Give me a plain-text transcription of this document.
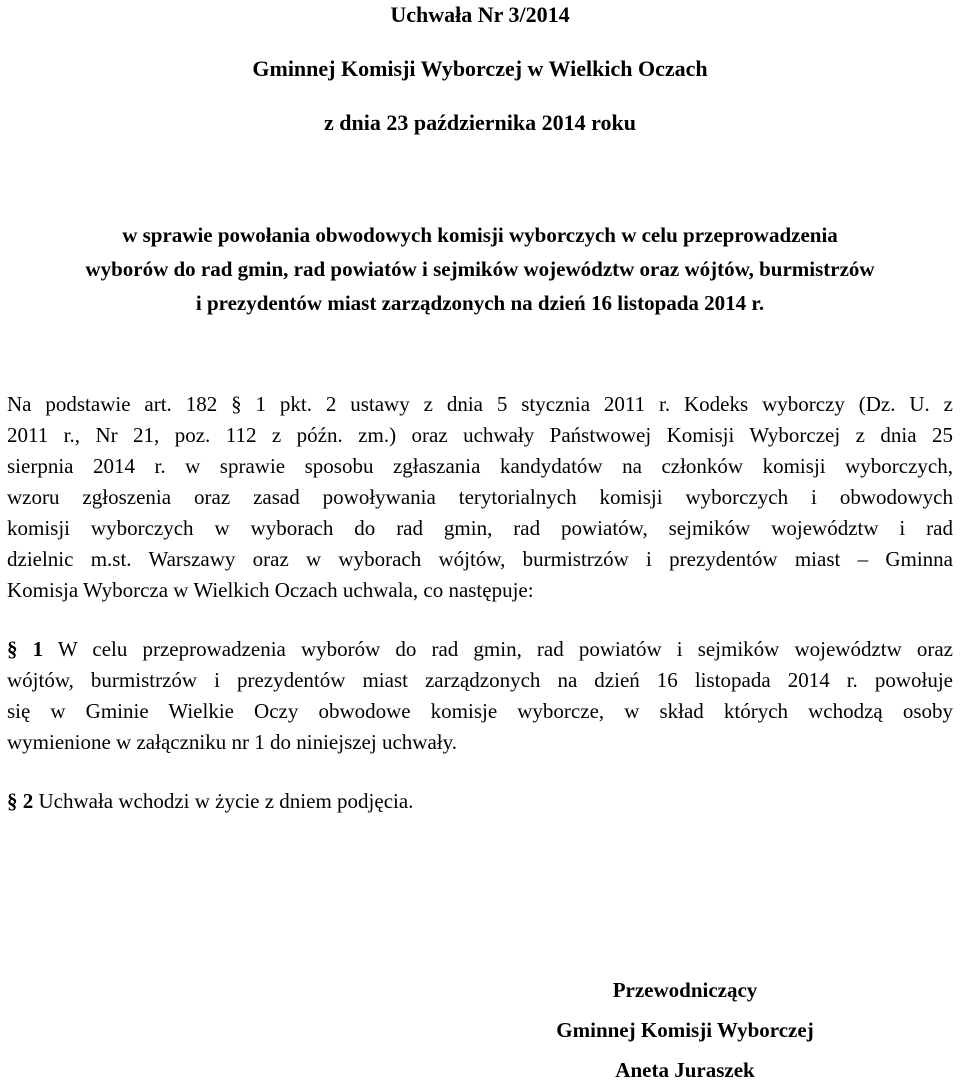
Uchwała Nr 3/2014
Gminnej Komisji Wyborczej w Wielkich Oczach
z dnia 23 października 2014 roku
w sprawie powołania obwodowych komisji wyborczych w celu przeprowadzenia
wyborów do rad gmin, rad powiatów i sejmików województw oraz wójtów, burmistrzów
i prezydentów miast zarządzonych na dzień 16 listopada 2014 r.
Na podstawie art. 182 § 1 pkt. 2 ustawy z dnia 5 stycznia 2011 r. Kodeks wyborczy (Dz. U. z
2011 r., Nr 21, poz. 112 z późn. zm.) oraz uchwały Państwowej Komisji Wyborczej z dnia 25
sierpnia 2014 r. w sprawie sposobu zgłaszania kandydatów na członków komisji wyborczych,
wzoru zgłoszenia oraz zasad powoływania terytorialnych komisji wyborczych i obwodowych
komisji wyborczych w wyborach do rad gmin, rad powiatów, sejmików województw i rad
dzielnic m.st. Warszawy oraz w wyborach wójtów, burmistrzów i prezydentów miast – Gminna
Komisja Wyborcza w Wielkich Oczach uchwala, co następuje:
§ 1 W celu przeprowadzenia wyborów do rad gmin, rad powiatów i sejmików województw oraz
wójtów, burmistrzów i prezydentów miast zarządzonych na dzień 16 listopada 2014 r. powołuje
się w Gminie Wielkie Oczy obwodowe komisje wyborcze, w skład których wchodzą osoby
wymienione w załączniku nr 1 do niniejszej uchwały.
§ 2 Uchwała wchodzi w życie z dniem podjęcia.
Przewodniczący
Gminnej Komisji Wyborczej
Aneta Juraszek
